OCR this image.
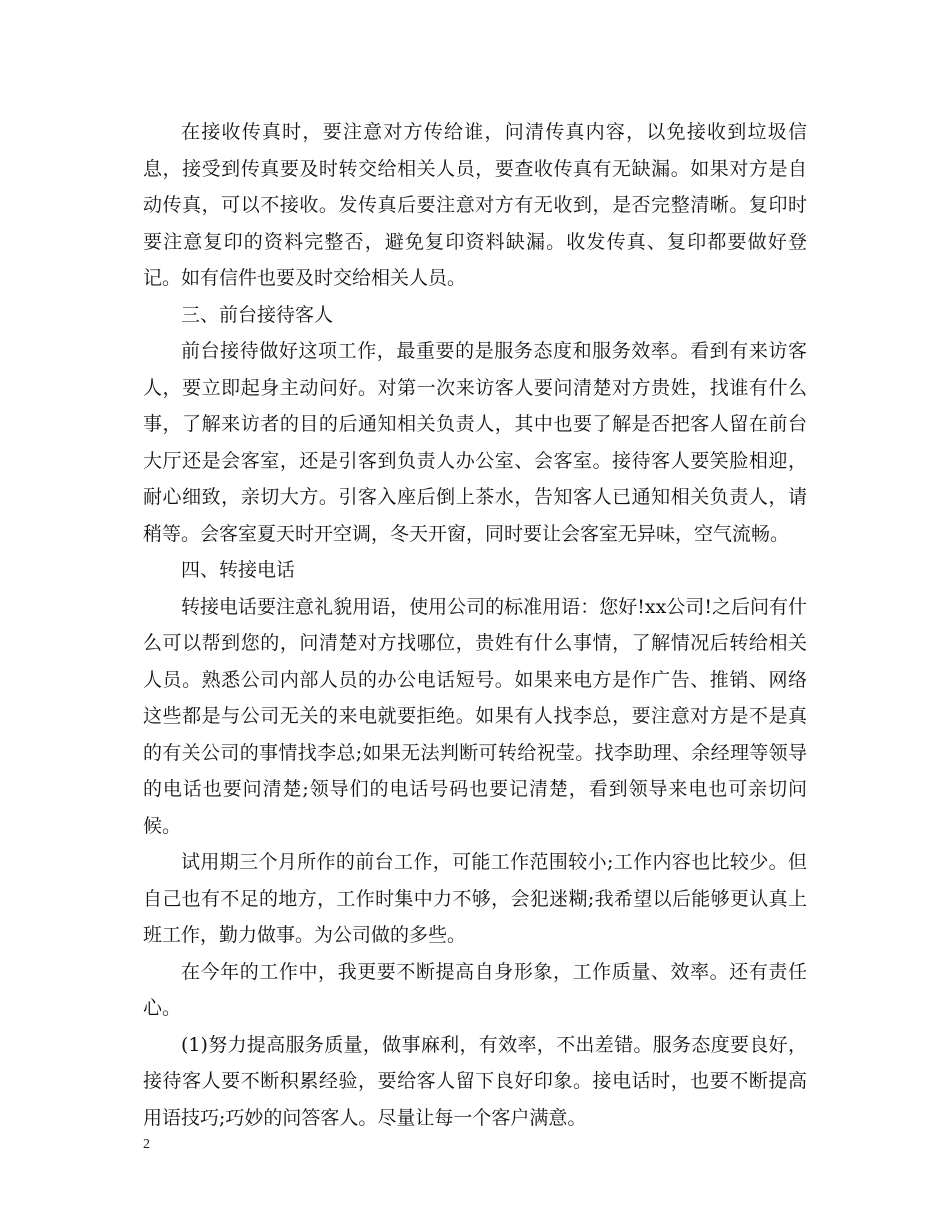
在接收传真时，要注意对方传给谁，问清传真内容，以免接收到垃圾信息，接受到传真要及时转交给相关人员，要查收传真有无缺漏。如果对方是自动传真，可以不接收。发传真后要注意对方有无收到，是否完整清晰。复印时要注意复印的资料完整否，避免复印资料缺漏。收发传真、复印都要做好登记。如有信件也要及时交给相关人员。

三、前台接待客人

前台接待做好这项工作，最重要的是服务态度和服务效率。看到有来访客人，要立即起身主动问好。对第一次来访客人要问清楚对方贵姓，找谁有什么事，了解来访者的目的后通知相关负责人，其中也要了解是否把客人留在前台大厅还是会客室，还是引客到负责人办公室、会客室。接待客人要笑脸相迎，耐心细致，亲切大方。引客入座后倒上茶水，告知客人已通知相关负责人，请稍等。会客室夏天时开空调，冬天开窗，同时要让会客室无异味，空气流畅。

四、转接电话

转接电话要注意礼貌用语，使用公司的标准用语：您好!xx公司!之后问有什么可以帮到您的，问清楚对方找哪位，贵姓有什么事情，了解情况后转给相关人员。熟悉公司内部人员的办公电话短号。如果来电方是作广告、推销、网络这些都是与公司无关的来电就要拒绝。如果有人找李总，要注意对方是不是真的有关公司的事情找李总;如果无法判断可转给祝莹。找李助理、余经理等领导的电话也要问清楚;领导们的电话号码也要记清楚，看到领导来电也可亲切问候。

试用期三个月所作的前台工作，可能工作范围较小;工作内容也比较少。但自己也有不足的地方，工作时集中力不够，会犯迷糊;我希望以后能够更认真上班工作，勤力做事。为公司做的多些。

在今年的工作中，我更要不断提高自身形象，工作质量、效率。还有责任心。

(1)努力提高服务质量，做事麻利，有效率，不出差错。服务态度要良好，接待客人要不断积累经验，要给客人留下良好印象。接电话时，也要不断提高用语技巧;巧妙的问答客人。尽量让每一个客户满意。

2
